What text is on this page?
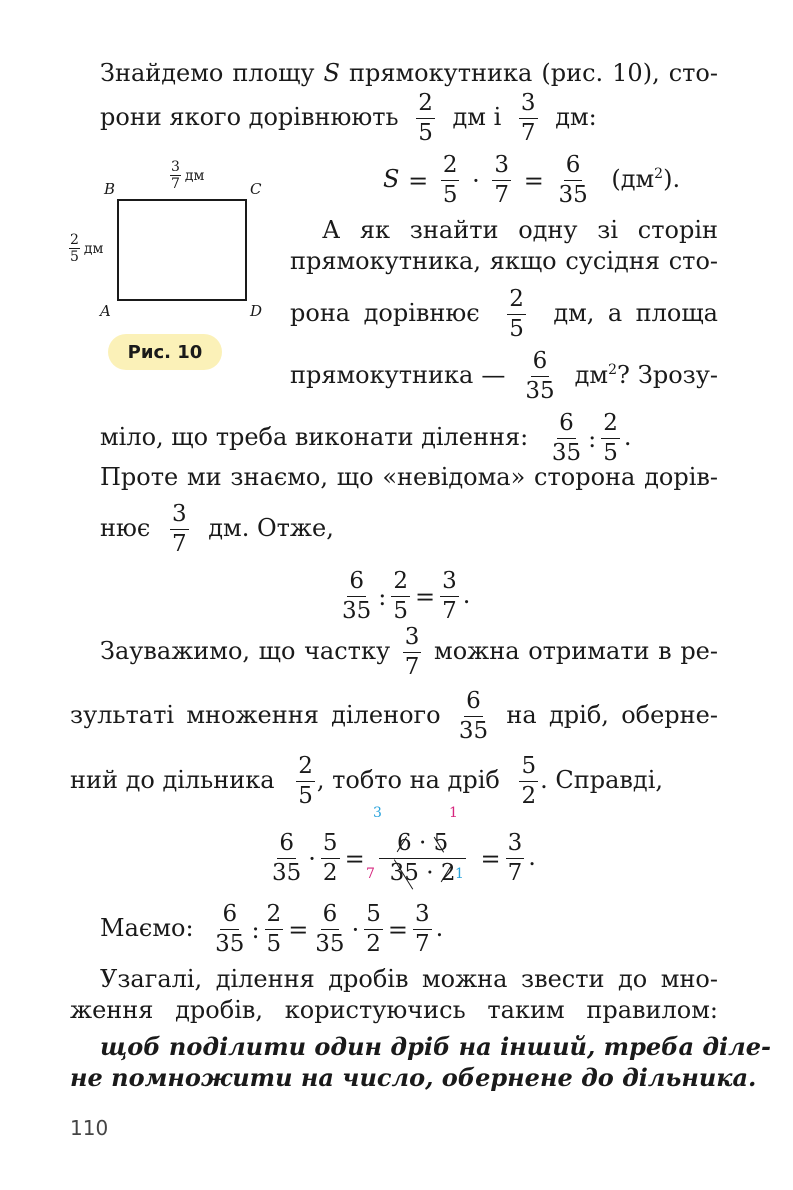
Знайдемо площу S прямокутника (рис. 10), сто-
рони якого дорівнюють $\frac{2}{5}$ дм і $\frac{3}{7}$ дм:
B	C
A	D
$\frac{3}{7}$ дм
$\frac{2}{5}$ дм
Рис. 10
$S = \frac{2}{5} \cdot \frac{3}{7} = \frac{6}{35} (дм^2)$.
А як знайти одну зі сторін
прямокутника, якщо сусідня сто-
рона дорівнює $\frac{2}{5}$ дм, а площа
прямокутника — $\frac{6}{35} дм^2$? Зрозу-
міло, що треба виконати ділення: $\frac{6}{35}$ : $\frac{2}{5}$ .
Проте ми знаємо, що «невідома» сторона дорів-
нює $\frac{3}{7}$ дм. Отже,
$\frac{6}{35}$ : $\frac{2}{5} = \frac{3}{7}$ .
Зауважимо, що частку $\frac{3}{7}$ можна отримати в ре-
зультаті множення діленого $\frac{6}{35}$ на дріб, оберне-
ний до дільника $\frac{2}{5}$ , тобто на дріб $\frac{5}{2}$ . Справді,
$\frac{6}{35} \cdot \frac{5}{2} = \frac{6 \cdot 5}{35 \cdot 2} = \frac{3}{7}$ .
3	1
7	1
Маємо: $\frac{6}{35}$ : $\frac{2}{5} = \frac{6}{35} \cdot \frac{5}{2} = \frac{3}{7}$ .
Узагалі, ділення дробів можна звести до мно-
ження дробів, користуючись таким правилом:
щоб поділити один дріб на інший, треба діле-
не помножити на число, обернене до дільника.
110
